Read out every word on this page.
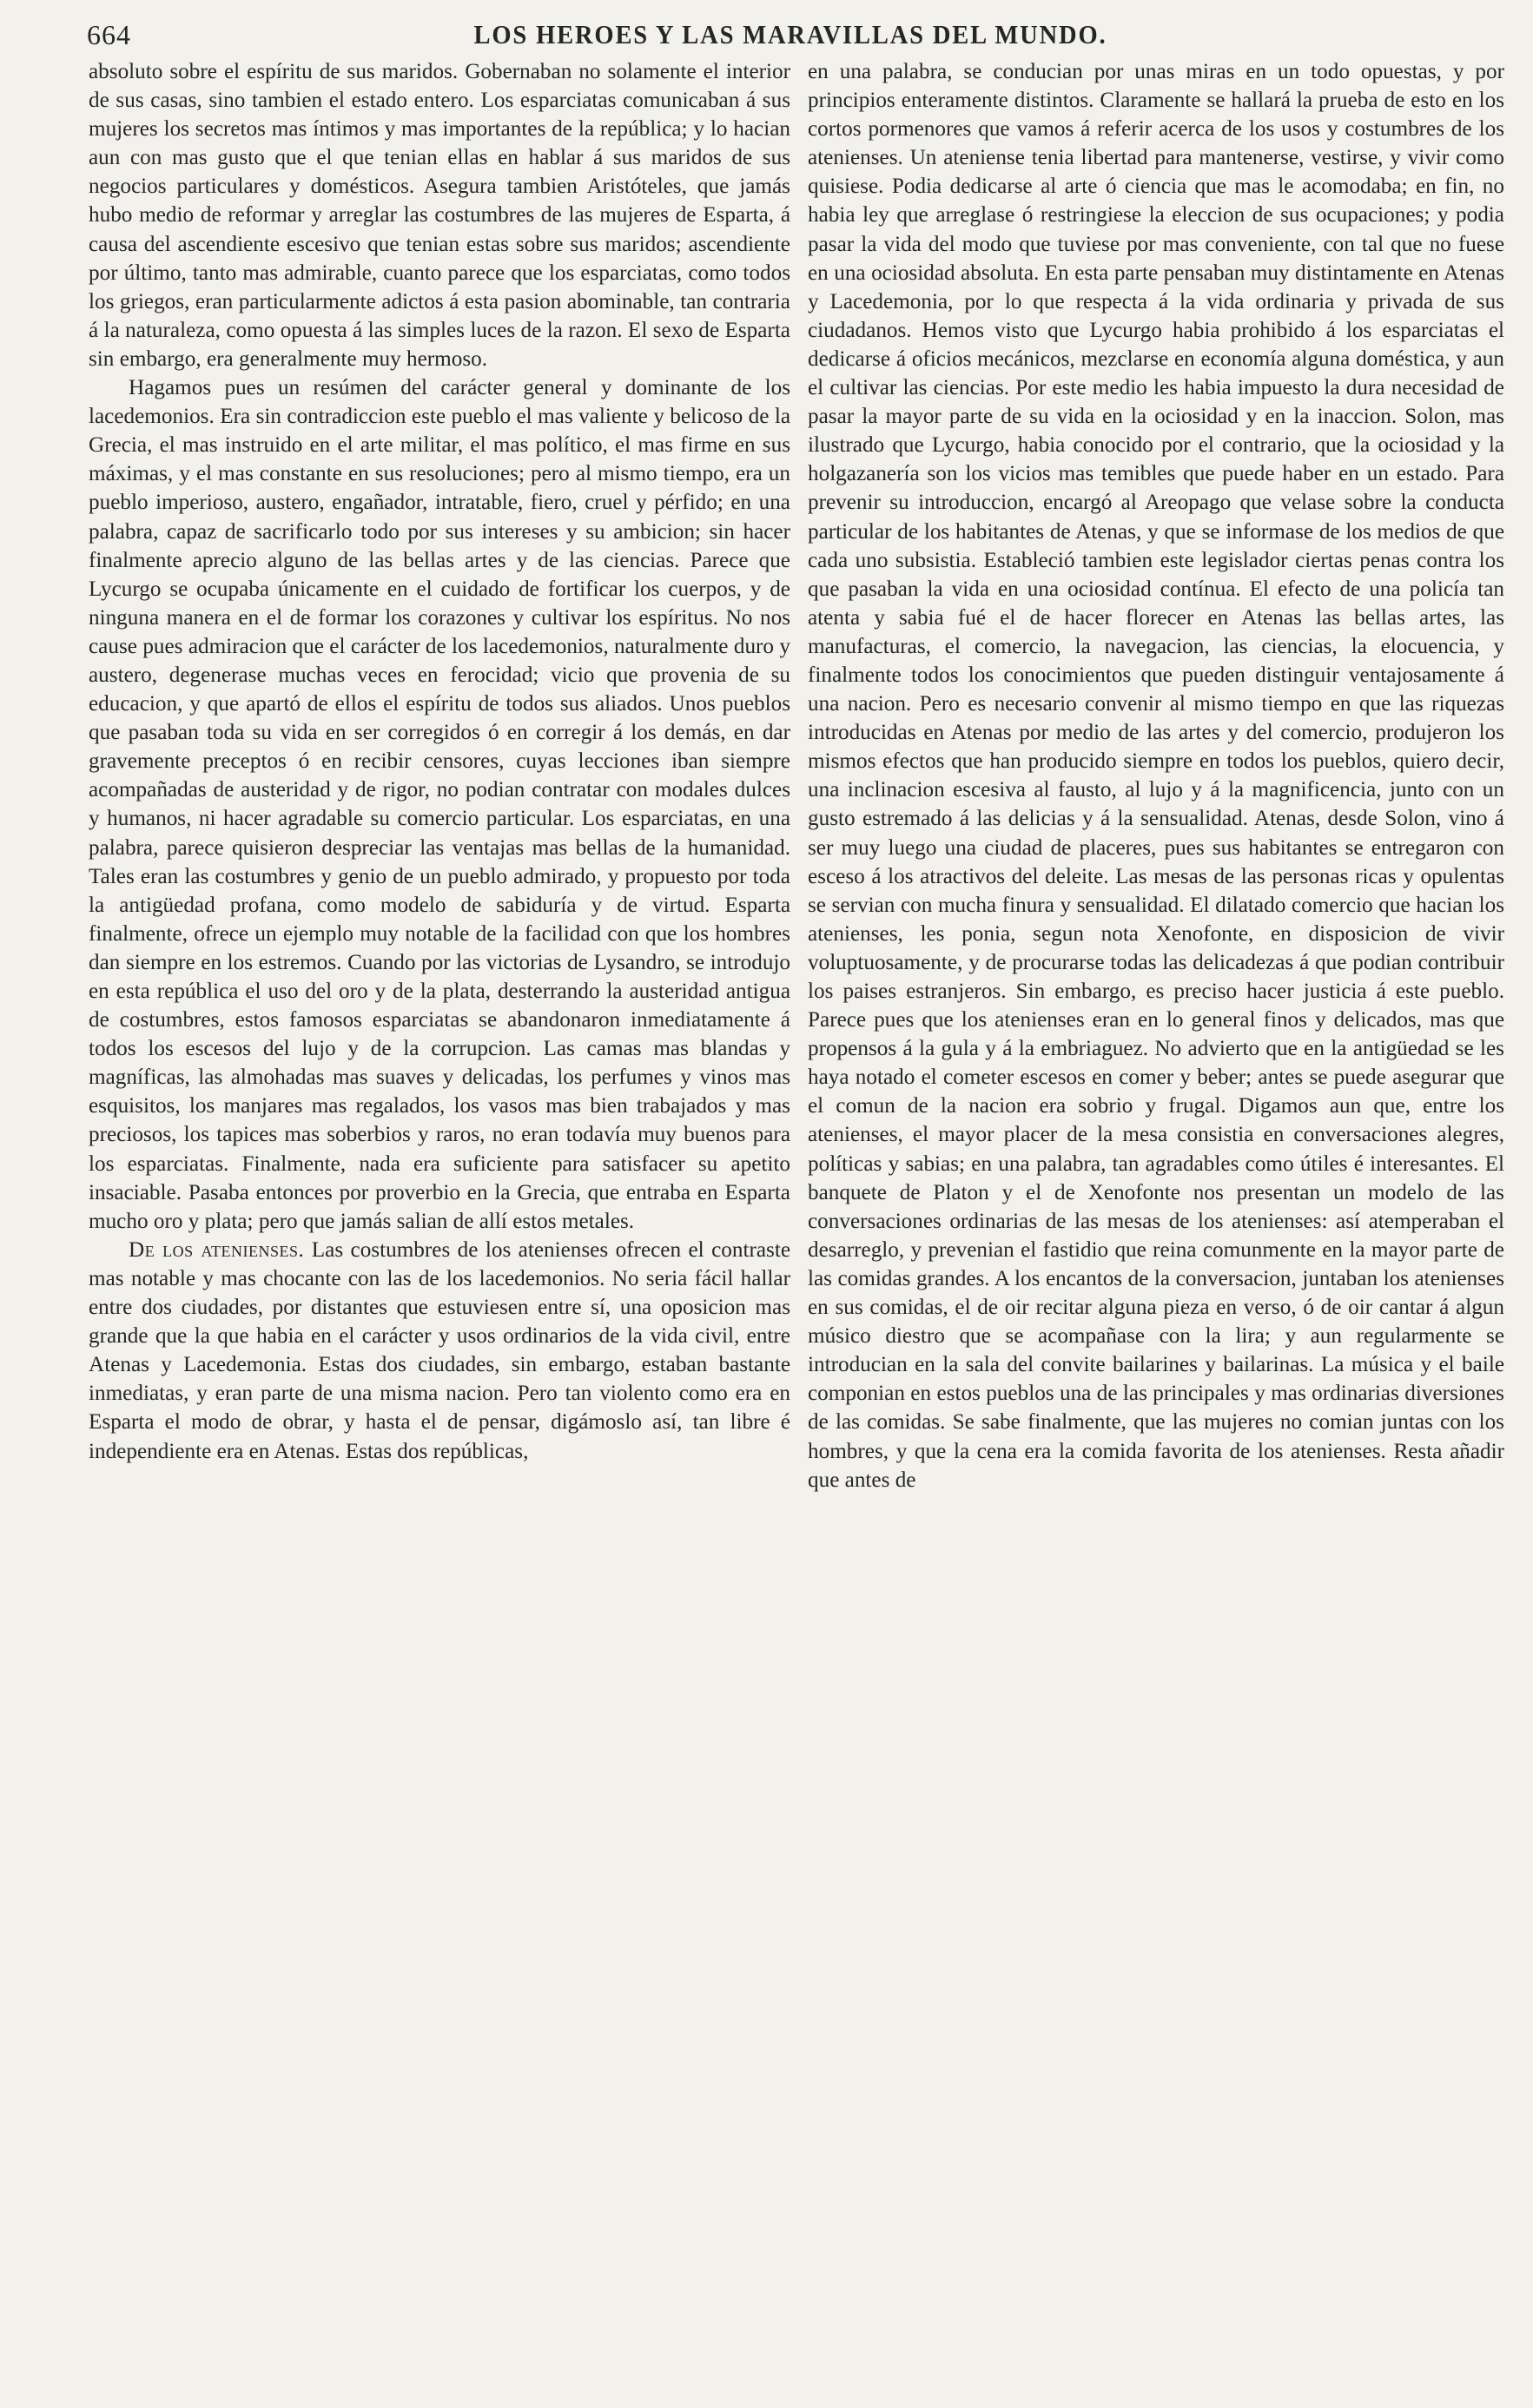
664	LOS HEROES Y LAS MARAVILLAS DEL MUNDO.

absoluto sobre el espíritu de sus maridos. Gobernaban no solamente el interior de sus casas, sino tambien el estado entero. Los esparciatas comunicaban á sus mujeres los secretos mas íntimos y mas importantes de la república; y lo hacian aun con mas gusto que el que tenian ellas en hablar á sus maridos de sus negocios particulares y domésticos. Asegura tambien Aristóteles, que jamás hubo medio de reformar y arreglar las costumbres de las mujeres de Esparta, á causa del ascendiente escesivo que tenian estas sobre sus maridos; ascendiente por último, tanto mas admirable, cuanto parece que los esparciatas, como todos los griegos, eran particularmente adictos á esta pasion abominable, tan contraria á la naturaleza, como opuesta á las simples luces de la razon. El sexo de Esparta sin embargo, era generalmente muy hermoso.

Hagamos pues un resúmen del carácter general y dominante de los lacedemonios. Era sin contradiccion este pueblo el mas valiente y belicoso de la Grecia, el mas instruido en el arte militar, el mas político, el mas firme en sus máximas, y el mas constante en sus resoluciones; pero al mismo tiempo, era un pueblo imperioso, austero, engañador, intratable, fiero, cruel y pérfido; en una palabra, capaz de sacrificarlo todo por sus intereses y su ambicion; sin hacer finalmente aprecio alguno de las bellas artes y de las ciencias. Parece que Lycurgo se ocupaba únicamente en el cuidado de fortificar los cuerpos, y de ninguna manera en el de formar los corazones y cultivar los espíritus. No nos cause pues admiracion que el carácter de los lacedemonios, naturalmente duro y austero, degenerase muchas veces en ferocidad; vicio que provenia de su educacion, y que apartó de ellos el espíritu de todos sus aliados. Unos pueblos que pasaban toda su vida en ser corregidos ó en corregir á los demás, en dar gravemente preceptos ó en recibir censores, cuyas lecciones iban siempre acompañadas de austeridad y de rigor, no podian contratar con modales dulces y humanos, ni hacer agradable su comercio particular. Los esparciatas, en una palabra, parece quisieron despreciar las ventajas mas bellas de la humanidad. Tales eran las costumbres y genio de un pueblo admirado, y propuesto por toda la antigüedad profana, como modelo de sabiduría y de virtud. Esparta finalmente, ofrece un ejemplo muy notable de la facilidad con que los hombres dan siempre en los estremos. Cuando por las victorias de Lysandro, se introdujo en esta república el uso del oro y de la plata, desterrando la austeridad antigua de costumbres, estos famosos esparciatas se abandonaron inmediatamente á todos los escesos del lujo y de la corrupcion. Las camas mas blandas y magníficas, las almohadas mas suaves y delicadas, los perfumes y vinos mas esquisitos, los manjares mas regalados, los vasos mas bien trabajados y mas preciosos, los tapices mas soberbios y raros, no eran todavía muy buenos para los esparciatas. Finalmente, nada era suficiente para satisfacer su apetito insaciable. Pasaba entonces por proverbio en la Grecia, que entraba en Esparta mucho oro y plata; pero que jamás salian de allí estos metales.

De los atenienses. Las costumbres de los atenienses ofrecen el contraste mas notable y mas chocante con las de los lacedemonios. No seria fácil hallar entre dos ciudades, por distantes que estuviesen entre sí, una oposicion mas grande que la que habia en el carácter y usos ordinarios de la vida civil, entre Atenas y Lacedemonia. Estas dos ciudades, sin embargo, estaban bastante inmediatas, y eran parte de una misma nacion. Pero tan violento como era en Esparta el modo de obrar, y hasta el de pensar, digámoslo así, tan libre é independiente era en Atenas. Estas dos repúblicas,

en una palabra, se conducian por unas miras en un todo opuestas, y por principios enteramente distintos. Claramente se hallará la prueba de esto en los cortos pormenores que vamos á referir acerca de los usos y costumbres de los atenienses. Un ateniense tenia libertad para mantenerse, vestirse, y vivir como quisiese. Podia dedicarse al arte ó ciencia que mas le acomodaba; en fin, no habia ley que arreglase ó restringiese la eleccion de sus ocupaciones; y podia pasar la vida del modo que tuviese por mas conveniente, con tal que no fuese en una ociosidad absoluta. En esta parte pensaban muy distintamente en Atenas y Lacedemonia, por lo que respecta á la vida ordinaria y privada de sus ciudadanos. Hemos visto que Lycurgo habia prohibido á los esparciatas el dedicarse á oficios mecánicos, mezclarse en economía alguna doméstica, y aun el cultivar las ciencias. Por este medio les habia impuesto la dura necesidad de pasar la mayor parte de su vida en la ociosidad y en la inaccion. Solon, mas ilustrado que Lycurgo, habia conocido por el contrario, que la ociosidad y la holgazanería son los vicios mas temibles que puede haber en un estado. Para prevenir su introduccion, encargó al Areopago que velase sobre la conducta particular de los habitantes de Atenas, y que se informase de los medios de que cada uno subsistia. Estableció tambien este legislador ciertas penas contra los que pasaban la vida en una ociosidad contínua. El efecto de una policía tan atenta y sabia fué el de hacer florecer en Atenas las bellas artes, las manufacturas, el comercio, la navegacion, las ciencias, la elocuencia, y finalmente todos los conocimientos que pueden distinguir ventajosamente á una nacion. Pero es necesario convenir al mismo tiempo en que las riquezas introducidas en Atenas por medio de las artes y del comercio, produjeron los mismos efectos que han producido siempre en todos los pueblos, quiero decir, una inclinacion escesiva al fausto, al lujo y á la magnificencia, junto con un gusto estremado á las delicias y á la sensualidad. Atenas, desde Solon, vino á ser muy luego una ciudad de placeres, pues sus habitantes se entregaron con esceso á los atractivos del deleite. Las mesas de las personas ricas y opulentas se servian con mucha finura y sensualidad. El dilatado comercio que hacian los atenienses, les ponia, segun nota Xenofonte, en disposicion de vivir voluptuosamente, y de procurarse todas las delicadezas á que podian contribuir los paises estranjeros. Sin embargo, es preciso hacer justicia á este pueblo. Parece pues que los atenienses eran en lo general finos y delicados, mas que propensos á la gula y á la embriaguez. No advierto que en la antigüedad se les haya notado el cometer escesos en comer y beber; antes se puede asegurar que el comun de la nacion era sobrio y frugal. Digamos aun que, entre los atenienses, el mayor placer de la mesa consistia en conversaciones alegres, políticas y sabias; en una palabra, tan agradables como útiles é interesantes. El banquete de Platon y el de Xenofonte nos presentan un modelo de las conversaciones ordinarias de las mesas de los atenienses: así atemperaban el desarreglo, y prevenian el fastidio que reina comunmente en la mayor parte de las comidas grandes. A los encantos de la conversacion, juntaban los atenienses en sus comidas, el de oir recitar alguna pieza en verso, ó de oir cantar á algun músico diestro que se acompañase con la lira; y aun regularmente se introducian en la sala del convite bailarines y bailarinas. La música y el baile componian en estos pueblos una de las principales y mas ordinarias diversiones de las comidas. Se sabe finalmente, que las mujeres no comian juntas con los hombres, y que la cena era la comida favorita de los atenienses. Resta añadir que antes de
